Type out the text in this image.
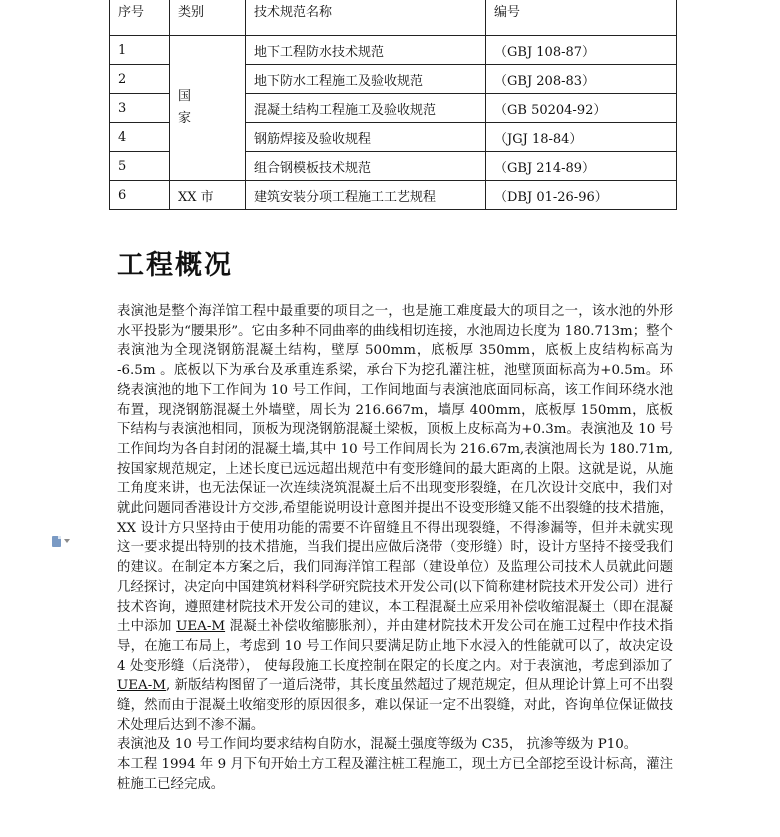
序号	类别	技术规范名称	编号
1	国家	地下工程防水技术规范	（GBJ 108-87）
2		地下防水工程施工及验收规范	（GBJ 208-83）
3		混凝土结构工程施工及验收规范	（GB 50204-92）
4		钢筋焊接及验收规程	（JGJ 18-84）
5		组合钢模板技术规范	（GBJ 214-89）
6	XX 市	建筑安装分项工程施工工艺规程	（DBJ 01-26-96）
工程概况

表演池是整个海洋馆工程中最重要的项目之一，也是施工难度最大的项目之一，该水池的外形水平投影为“腰果形”。它由多种不同曲率的曲线相切连接，水池周边长度为 180.713m；整个表演池为全现浇钢筋混凝土结构，壁厚 500mm，底板厚 350mm，底板上皮结构标高为 -6.5m 。底板以下为承台及承重连系梁，承台下为挖孔灌注桩，池壁顶面标高为+0.5m。环绕表演池的地下工作间为 10 号工作间，工作间地面与表演池底面同标高，该工作间环绕水池布置，现浇钢筋混凝土外墙壁，周长为 216.667m，墙厚 400mm，底板厚 150mm，底板下结构与表演池相同，顶板为现浇钢筋混凝土梁板，顶板上皮标高为+0.3m。表演池及 10 号工作间均为各自封闭的混凝土墙,其中 10 号工作间周长为 216.67m,表演池周长为 180.71m,按国家规范规定，上述长度已远远超出规范中有变形缝间的最大距离的上限。这就是说，从施工角度来讲，也无法保证一次连续浇筑混凝土后不出现变形裂缝，在几次设计交底中，我们对就此问题同香港设计方交涉,希望能说明设计意图并提出不设变形缝又能不出裂缝的技术措施，XX 设计方只坚持由于使用功能的需要不许留缝且不得出现裂缝，不得渗漏等，但并未就实现这一要求提出特别的技术措施，当我们提出应做后浇带（变形缝）时，设计方坚持不接受我们的建议。在制定本方案之后，我们同海洋馆工程部（建设单位）及监理公司技术人员就此问题几经探讨，决定向中国建筑材料科学研究院技术开发公司(以下简称建材院技术开发公司）进行技术咨询，遵照建材院技术开发公司的建议，本工程混凝土应采用补偿收缩混凝土（即在混凝土中添加 UEA-M 混凝土补偿收缩膨胀剂），并由建材院技术开发公司在施工过程中作技术指导，在施工布局上，考虑到 10 号工作间只要满足防止地下水浸入的性能就可以了，故决定设 4 处变形缝（后浇带）， 使每段施工长度控制在限定的长度之内。对于表演池，考虑到添加了 UEA-M, 新版结构图留了一道后浇带，其长度虽然超过了规范规定，但从理论计算上可不出裂缝，然而由于混凝土收缩变形的原因很多，难以保证一定不出裂缝，对此，咨询单位保证做技术处理后达到不渗不漏。

表演池及 10 号工作间均要求结构自防水，混凝土强度等级为 C35， 抗渗等级为 P10。

本工程 1994 年 9 月下旬开始土方工程及灌注桩工程施工，现土方已全部挖至设计标高，灌注桩施工已经完成。
